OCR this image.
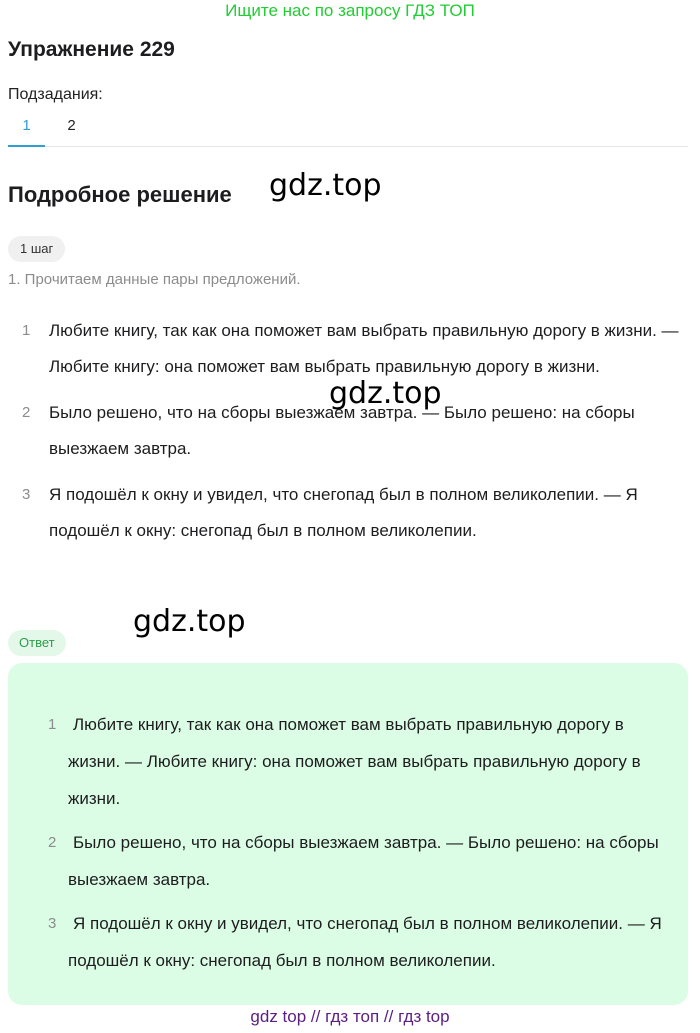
Ищите нас по запросу ГДЗ ТОП
Упражнение 229
Подзадания:
1	2
Подробное решение gdz.top
gdz.top
gdz.top
1 шаг
1. Прочитаем данные пары предложений.
1 Любите книгу, так как она поможет вам выбрать правильную дорогу в жизни. — Любите книгу: она поможет вам выбрать правильную дорогу в жизни.
2 Было решено, что на сборы выезжаем завтра. — Было решено: на сборы выезжаем завтра.
3 Я подошёл к окну и увидел, что снегопад был в полном великолепии. — Я подошёл к окну: снегопад был в полном великолепии.
Ответ
1 Любите книгу, так как она поможет вам выбрать правильную дорогу в жизни. — Любите книгу: она поможет вам выбрать правильную дорогу в жизни.
2 Было решено, что на сборы выезжаем завтра. — Было решено: на сборы выезжаем завтра.
3 Я подошёл к окну и увидел, что снегопад был в полном великолепии. — Я подошёл к окну: снегопад был в полном великолепии.
gdz top // гдз топ // гдз top
